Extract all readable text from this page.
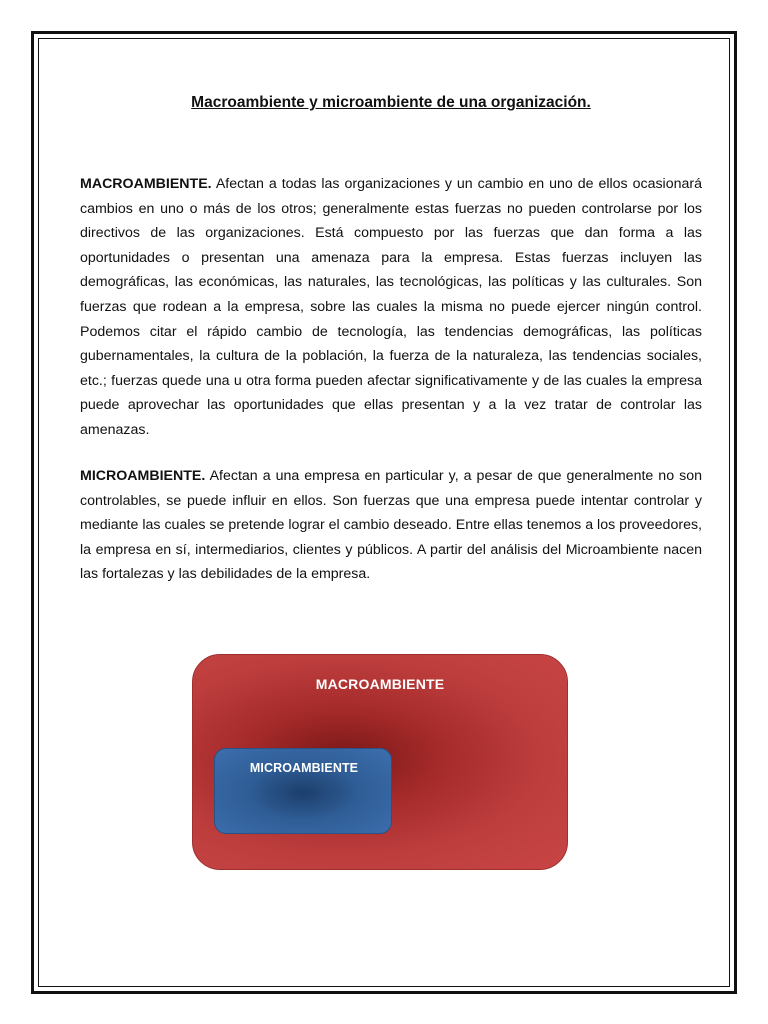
Macroambiente y microambiente de una organización.

MACROAMBIENTE. Afectan a todas las organizaciones y un cambio en uno de ellos ocasionará cambios en uno o más de los otros; generalmente estas fuerzas no pueden controlarse por los directivos de las organizaciones. Está compuesto por las fuerzas que dan forma a las oportunidades o presentan una amenaza para la empresa. Estas fuerzas incluyen las demográficas, las económicas, las naturales, las tecnológicas, las políticas y las culturales. Son fuerzas que rodean a la empresa, sobre las cuales la misma no puede ejercer ningún control. Podemos citar el rápido cambio de tecnología, las tendencias demográficas, las políticas gubernamentales, la cultura de la población, la fuerza de la naturaleza, las tendencias sociales, etc.; fuerzas quede una u otra forma pueden afectar significativamente y de las cuales la empresa puede aprovechar las oportunidades que ellas presentan y a la vez tratar de controlar las amenazas.

MICROAMBIENTE. Afectan a una empresa en particular y, a pesar de que generalmente no son controlables, se puede influir en ellos. Son fuerzas que una empresa puede intentar controlar y mediante las cuales se pretende lograr el cambio deseado. Entre ellas tenemos a los proveedores, la empresa en sí, intermediarios, clientes y públicos. A partir del análisis del Microambiente nacen las fortalezas y las debilidades de la empresa.

MACROAMBIENTE
MICROAMBIENTE
